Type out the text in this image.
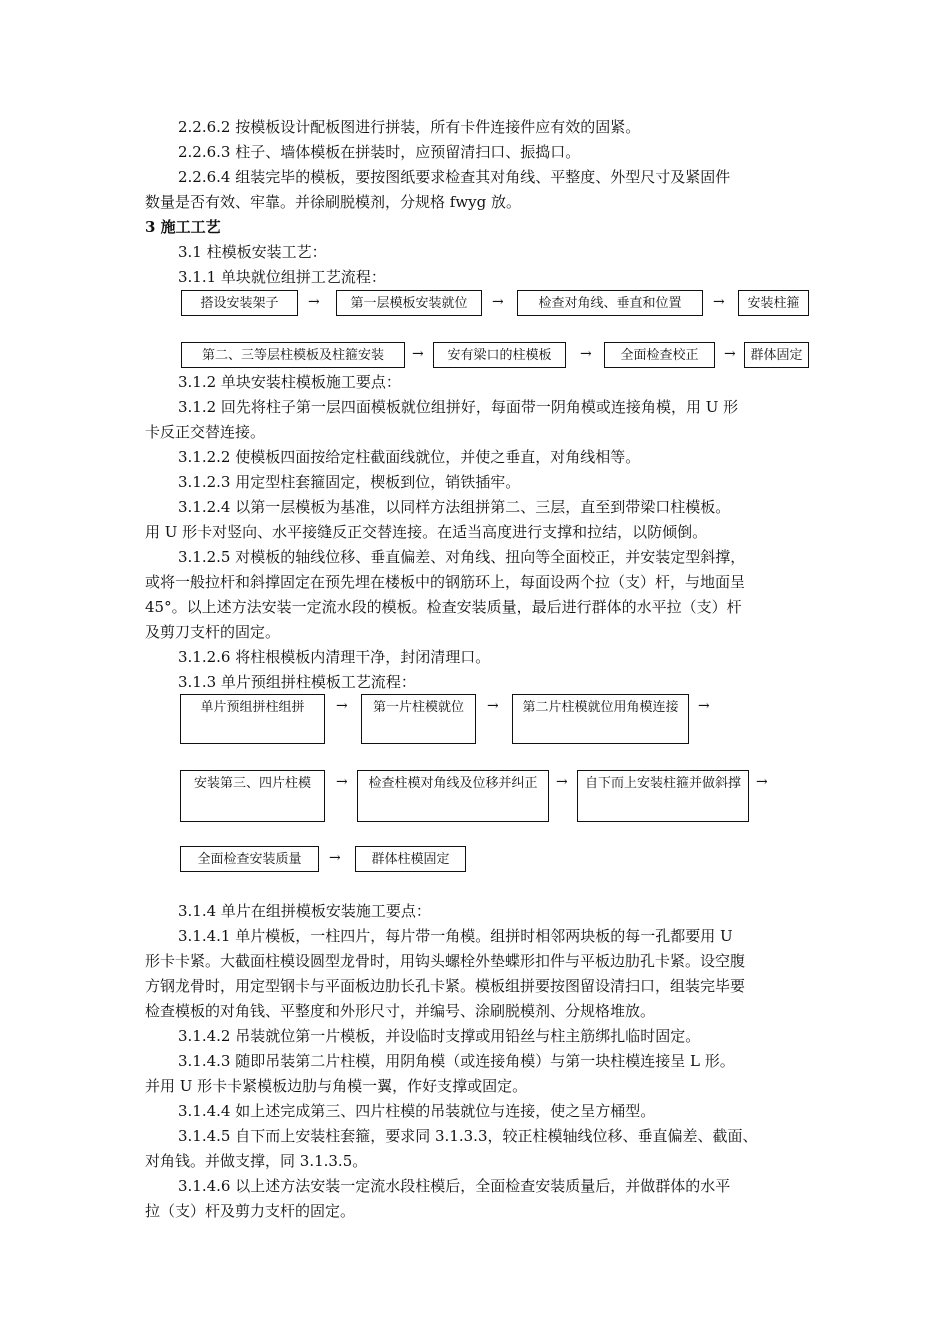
2.2.6.2 按模板设计配板图进行拼装，所有卡件连接件应有效的固紧。
2.2.6.3 柱子、墙体模板在拼装时，应预留清扫口、振捣口。
2.2.6.4 组装完毕的模板，要按图纸要求检查其对角线、平整度、外型尺寸及紧固件
数量是否有效、牢靠。并徐刷脱模剂，分规格 fwyg 放。
3 施工工艺
3.1 柱模板安装工艺：
3.1.1 单块就位组拼工艺流程：
搭设安装架子	→	第一层模板安装就位	→	检查对角线、垂直和位置	→	安装柱箍
第二、三等层柱模板及柱箍安装	→	安有梁口的柱模板	→	全面检查校正	→	群体固定
3.1.2 单块安装柱模板施工要点：
3.1.2 回先将柱子第一层四面模板就位组拼好，每面带一阴角模或连接角模，用 U 形
卡反正交替连接。
3.1.2.2 使模板四面按给定柱截面线就位，并使之垂直，对角线相等。
3.1.2.3 用定型柱套箍固定，楔板到位，销铁插牢。
3.1.2.4 以第一层模板为基准，以同样方法组拼第二、三层，直至到带梁口柱模板。
用 U 形卡对竖向、水平接缝反正交替连接。在适当高度进行支撑和拉结，以防倾倒。
3.1.2.5 对模板的轴线位移、垂直偏差、对角线、扭向等全面校正，并安装定型斜撑，
或将一般拉杆和斜撑固定在预先埋在楼板中的钢筋环上，每面设两个拉（支）杆，与地面呈
45°。以上述方法安装一定流水段的模板。检查安装质量，最后进行群体的水平拉（支）杆
及剪刀支杆的固定。
3.1.2.6 将柱根模板内清理干净，封闭清理口。
3.1.3 单片预组拼柱模板工艺流程：
单片预组拼柱组拼	→	第一片柱模就位	→	第二片柱模就位用角模连接	→
安装第三、四片柱模	→	检查柱模对角线及位移并纠正	→	自下而上安装柱箍并做斜撑	→
全面检查安装质量	→	群体柱模固定
3.1.4 单片在组拼模板安装施工要点：
3.1.4.1 单片模板，一柱四片，每片带一角模。组拼时相邻两块板的每一孔都要用 U
形卡卡紧。大截面柱模设圆型龙骨时，用钩头螺栓外垫蝶形扣件与平板边肋孔卡紧。设空腹
方钢龙骨时，用定型钢卡与平面板边肋长孔卡紧。模板组拼要按图留设清扫口，组装完毕要
检查模板的对角钱、平整度和外形尺寸，并编号、涂刷脱模剂、分规格堆放。
3.1.4.2 吊装就位第一片模板，并设临时支撑或用铅丝与柱主筋绑扎临时固定。
3.1.4.3 随即吊装第二片柱模，用阴角模（或连接角模）与第一块柱模连接呈 L 形。
并用 U 形卡卡紧模板边肋与角模一翼，作好支撑或固定。
3.1.4.4 如上述完成第三、四片柱模的吊装就位与连接，使之呈方桶型。
3.1.4.5 自下而上安装柱套箍，要求同 3.1.3.3，较正柱模轴线位移、垂直偏差、截面、
对角钱。并做支撑，同 3.1.3.5。
3.1.4.6 以上述方法安装一定流水段柱模后，全面检查安装质量后，并做群体的水平
拉（支）杆及剪力支杆的固定。
